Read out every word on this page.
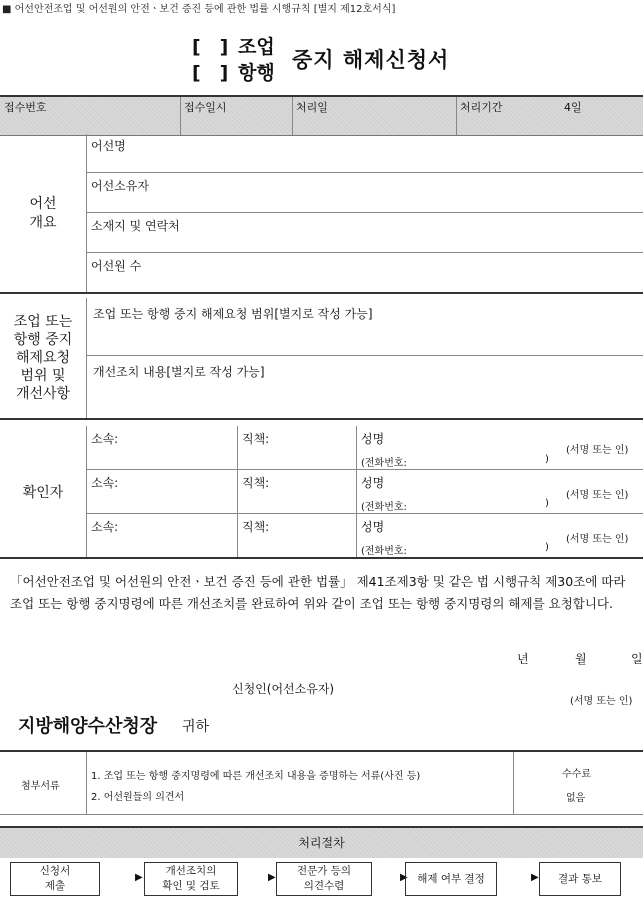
■ 어선안전조업 및 어선원의 안전ㆍ보건 증진 등에 관한 법률 시행규칙 [별지 제12호서식]
[　] 조업
[　] 항행
중지 해제신청서
접수번호	접수일시	처리일	처리기간	4일
어선
개요
어선명
어선소유자
소재지 및 연락처
어선원 수
조업 또는
항행 중지
해제요청
범위 및
개선사항
조업 또는 항행 중지 해제요청 범위[별지로 작성 가능]
개선조치 내용[별지로 작성 가능]
확인자
소속:	직책:	성명
(서명 또는 인)
(전화번호:	)
소속:	직책:	성명
(서명 또는 인)
(전화번호:	)
소속:	직책:	성명
(서명 또는 인)
(전화번호:	)
「어선안전조업 및 어선원의 안전ㆍ보건 증진 등에 관한 법률」 제41조제3항 및 같은 법 시행규칙 제30조에 따라 조업 또는 항행 중지명령에 따른 개선조치를 완료하여 위와 같이 조업 또는 항행 중지명령의 해제를 요청합니다.
년	월	일
신청인(어선소유자)
(서명 또는 인)
지방해양수산청장 귀하
첨부서류
1. 조업 또는 항행 중지명령에 따른 개선조치 내용을 증명하는 서류(사진 등)
2. 어선원들의 의견서
수수료
없음
처리절차
신청서
제출
▶
개선조치의
확인 및 검토
▶
전문가 등의
의견수렴
▶ 해제 여부 결정	▶ 결과 통보
